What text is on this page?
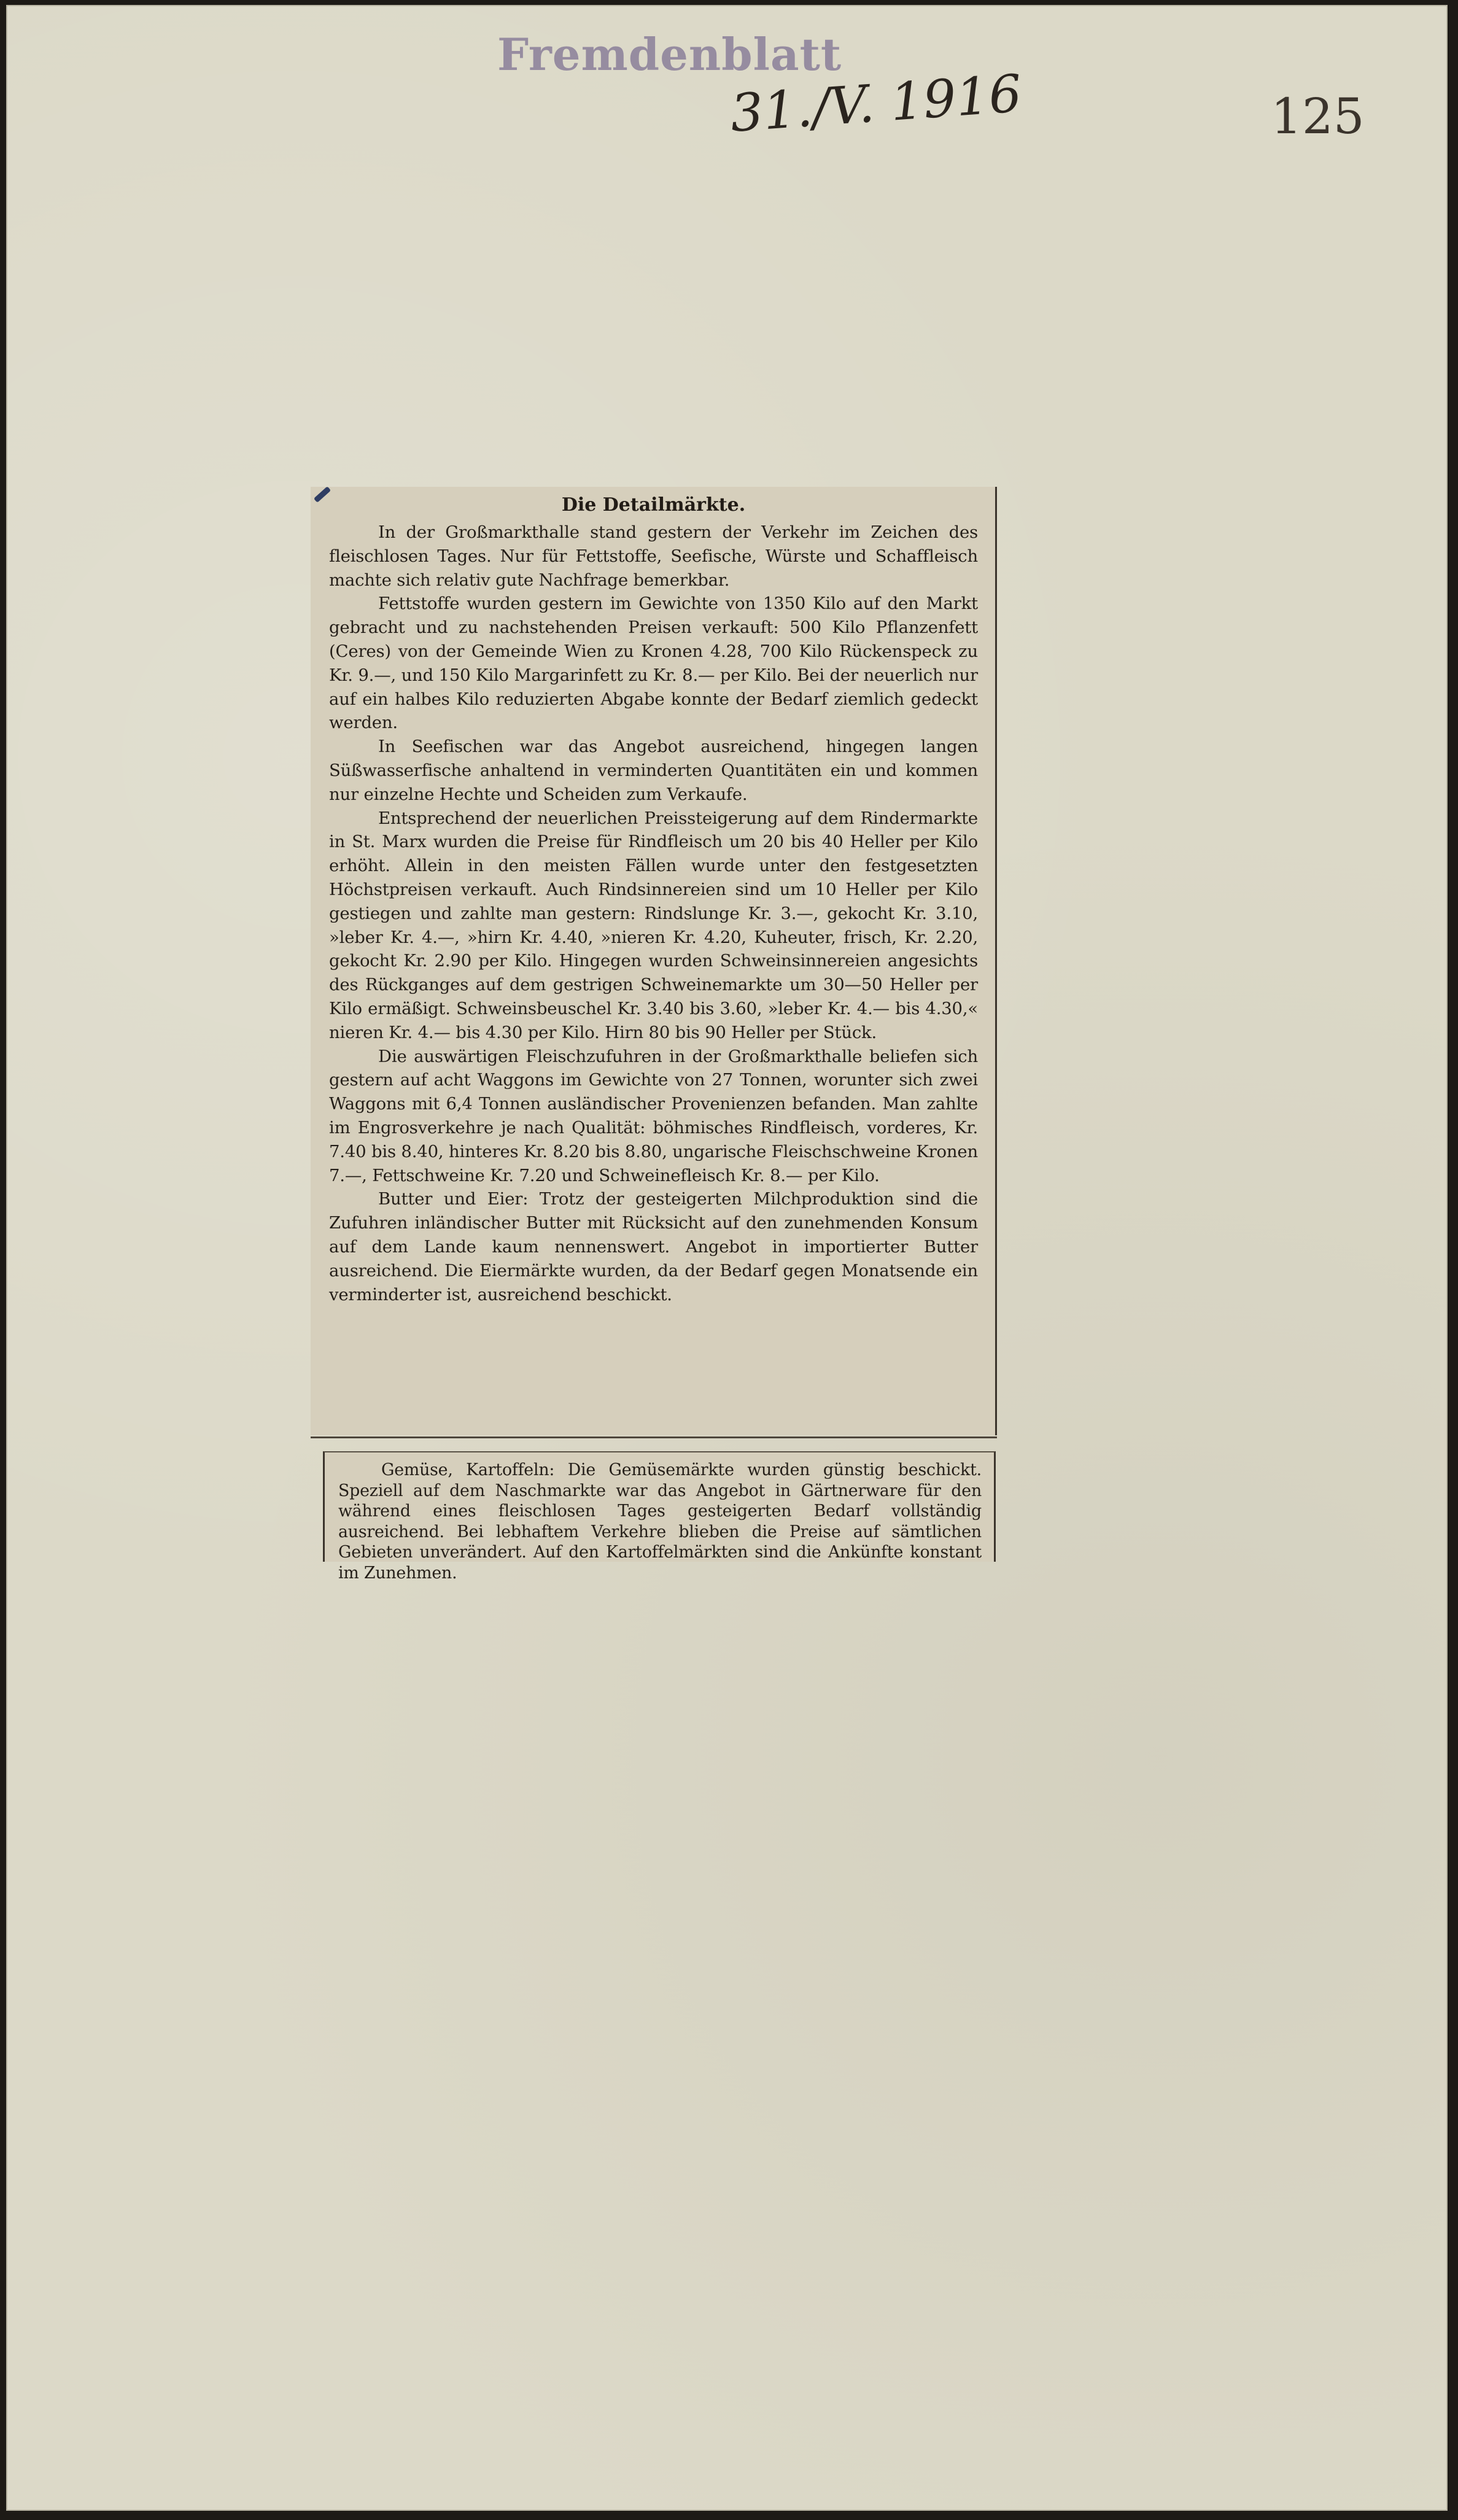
Fremdenblatt
31./V. 1916	125
Die Detailmärkte.

In der Großmarkthalle stand gestern der Verkehr im Zeichen des fleischlosen Tages. Nur für Fettstoffe, Seefische, Würste und Schaffleisch machte sich relativ gute Nachfrage bemerkbar.

Fettstoffe wurden gestern im Gewichte von 1350 Kilo auf den Markt gebracht und zu nachstehenden Preisen verkauft: 500 Kilo Pflanzenfett (Ceres) von der Gemeinde Wien zu Kronen 4.28, 700 Kilo Rückenspeck zu Kr. 9.—, und 150 Kilo Margarinfett zu Kr. 8.— per Kilo. Bei der neuerlich nur auf ein halbes Kilo reduzierten Abgabe konnte der Bedarf ziemlich gedeckt werden.

In Seefischen war das Angebot ausreichend, hingegen langen Süßwasserfische anhaltend in verminderten Quantitäten ein und kommen nur einzelne Hechte und Scheiden zum Verkaufe.

Entsprechend der neuerlichen Preissteigerung auf dem Rindermarkte in St. Marx wurden die Preise für Rindfleisch um 20 bis 40 Heller per Kilo erhöht. Allein in den meisten Fällen wurde unter den festgesetzten Höchstpreisen verkauft. Auch Rindsinnereien sind um 10 Heller per Kilo gestiegen und zahlte man gestern: Rindslunge Kr. 3.—, gekocht Kr. 3.10, »leber Kr. 4.—, »hirn Kr. 4.40, »nieren Kr. 4.20, Kuheuter, frisch, Kr. 2.20, gekocht Kr. 2.90 per Kilo. Hingegen wurden Schweinsinnereien angesichts des Rückganges auf dem gestrigen Schweinemarkte um 30—50 Heller per Kilo ermäßigt. Schweinsbeuschel Kr. 3.40 bis 3.60, »leber Kr. 4.— bis 4.30,« nieren Kr. 4.— bis 4.30 per Kilo. Hirn 80 bis 90 Heller per Stück.

Die auswärtigen Fleischzufuhren in der Großmarkthalle beliefen sich gestern auf acht Waggons im Gewichte von 27 Tonnen, worunter sich zwei Waggons mit 6,4 Tonnen ausländischer Provenienzen befanden. Man zahlte im Engrosverkehre je nach Qualität: böhmisches Rindfleisch, vorderes, Kr. 7.40 bis 8.40, hinteres Kr. 8.20 bis 8.80, ungarische Fleischschweine Kronen 7.—, Fettschweine Kr. 7.20 und Schweinefleisch Kr. 8.— per Kilo.

Butter und Eier: Trotz der gesteigerten Milchproduktion sind die Zufuhren inländischer Butter mit Rücksicht auf den zunehmenden Konsum auf dem Lande kaum nennenswert. Angebot in importierter Butter ausreichend. Die Eiermärkte wurden, da der Bedarf gegen Monatsende ein verminderter ist, ausreichend beschickt.

Gemüse, Kartoffeln: Die Gemüsemärkte wurden günstig beschickt. Speziell auf dem Naschmarkte war das Angebot in Gärtnerware für den während eines fleischlosen Tages gesteigerten Bedarf vollständig ausreichend. Bei lebhaftem Verkehre blieben die Preise auf sämtlichen Gebieten unverändert. Auf den Kartoffelmärkten sind die Ankünfte konstant im Zunehmen.
